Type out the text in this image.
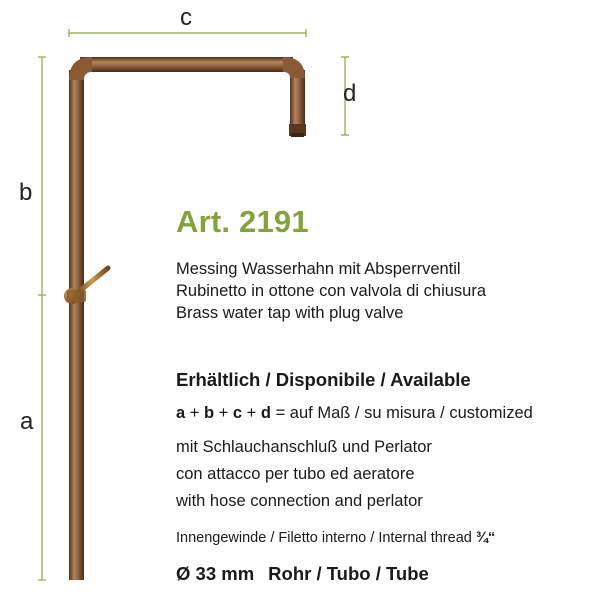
c
b
a
d
Art. 2191
Messing Wasserhahn mit Absperrventil
Rubinetto in ottone con valvola di chiusura
Brass water tap with plug valve
Erhältlich / Disponibile / Available
a + b + c + d = auf Maß / su misura / customized
mit Schlauchanschluß und Perlator
con attacco per tubo ed aeratore
with hose connection and perlator
Innengewinde / Filetto interno / Internal thread ¾“
Ø 33 mm Rohr / Tubo / Tube
